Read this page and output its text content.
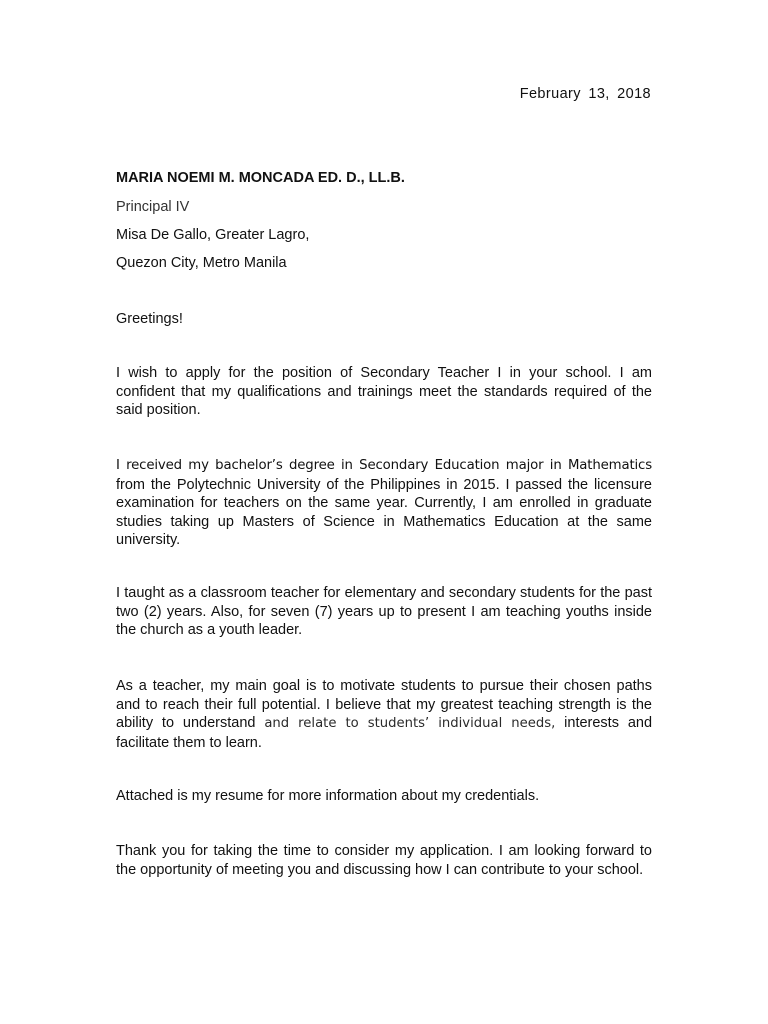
February 13, 2018
MARIA NOEMI M. MONCADA ED. D., LL.B.
Principal IV
Misa De Gallo, Greater Lagro,
Quezon City, Metro Manila
Greetings!
I wish to apply for the position of Secondary Teacher I in your school. I am confident that my qualifications and trainings meet the standards required of the said position.
I received my bachelor’s degree in Secondary Education major in Mathematics from the Polytechnic University of the Philippines in 2015. I passed the licensure examination for teachers on the same year. Currently, I am enrolled in graduate studies taking up Masters of Science in Mathematics Education at the same university.
I taught as a classroom teacher for elementary and secondary students for the past two (2) years. Also, for seven (7) years up to present I am teaching youths inside the church as a youth leader.
As a teacher, my main goal is to motivate students to pursue their chosen paths and to reach their full potential. I believe that my greatest teaching strength is the ability to understand and relate to students’ individual needs, interests and facilitate them to learn.
Attached is my resume for more information about my credentials.
Thank you for taking the time to consider my application. I am looking forward to the opportunity of meeting you and discussing how I can contribute to your school.
